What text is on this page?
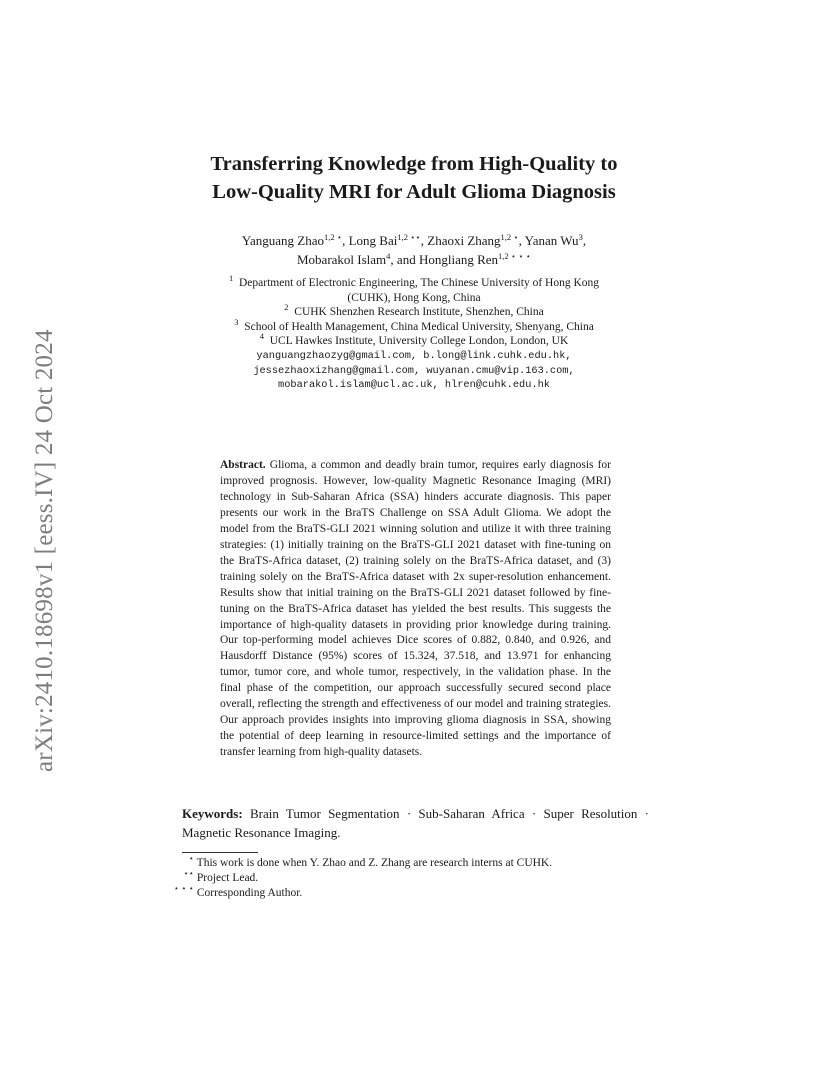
arXiv:2410.18698v1 [eess.IV] 24 Oct 2024
Transferring Knowledge from High-Quality to
Low-Quality MRI for Adult Glioma Diagnosis
Yanguang Zhao$^{1,2 ⋆}$, Long Bai$^{1,2 ⋆⋆}$, Zhaoxi Zhang$^{1,2 ⋆}$, Yanan Wu$^3$,
Mobarakol Islam$^4$, and Hongliang Ren$^{1,2 ⋆ ⋆ ⋆}$
$^1$ Department of Electronic Engineering, The Chinese University of Hong Kong
(CUHK), Hong Kong, China
$^2$ CUHK Shenzhen Research Institute, Shenzhen, China
$^3$ School of Health Management, China Medical University, Shenyang, China
$^4$ UCL Hawkes Institute, University College London, London, UK
yanguangzhaozyg@gmail.com, b.long@link.cuhk.edu.hk,
jessezhaoxizhang@gmail.com, wuyanan.cmu@vip.163.com,
mobarakol.islam@ucl.ac.uk, hlren@cuhk.edu.hk
Abstract. Glioma, a common and deadly brain tumor, requires early diagnosis for improved prognosis. However, low-quality Magnetic Resonance Imaging (MRI) technology in Sub-Saharan Africa (SSA) hinders accurate diagnosis. This paper presents our work in the BraTS Challenge on SSA Adult Glioma. We adopt the model from the BraTS-GLI 2021 winning solution and utilize it with three training strategies: (1) initially training on the BraTS-GLI 2021 dataset with fine-tuning on the BraTS-Africa dataset, (2) training solely on the BraTS-Africa dataset, and (3) training solely on the BraTS-Africa dataset with 2x super-resolution enhancement. Results show that initial training on the BraTS-GLI 2021 dataset followed by fine-tuning on the BraTS-Africa dataset has yielded the best results. This suggests the importance of high-quality datasets in providing prior knowledge during training. Our top-performing model achieves Dice scores of 0.882, 0.840, and 0.926, and Hausdorff Distance (95%) scores of 15.324, 37.518, and 13.971 for enhancing tumor, tumor core, and whole tumor, respectively, in the validation phase. In the final phase of the competition, our approach successfully secured second place overall, reflecting the strength and effectiveness of our model and training strategies. Our approach provides insights into improving glioma diagnosis in SSA, showing the potential of deep learning in resource-limited settings and the importance of transfer learning from high-quality datasets.
Keywords: Brain Tumor Segmentation · Sub-Saharan Africa · Super Resolution · Magnetic Resonance Imaging.
⋆ This work is done when Y. Zhao and Z. Zhang are research interns at CUHK.
⋆⋆ Project Lead.
⋆ ⋆ ⋆ Corresponding Author.
